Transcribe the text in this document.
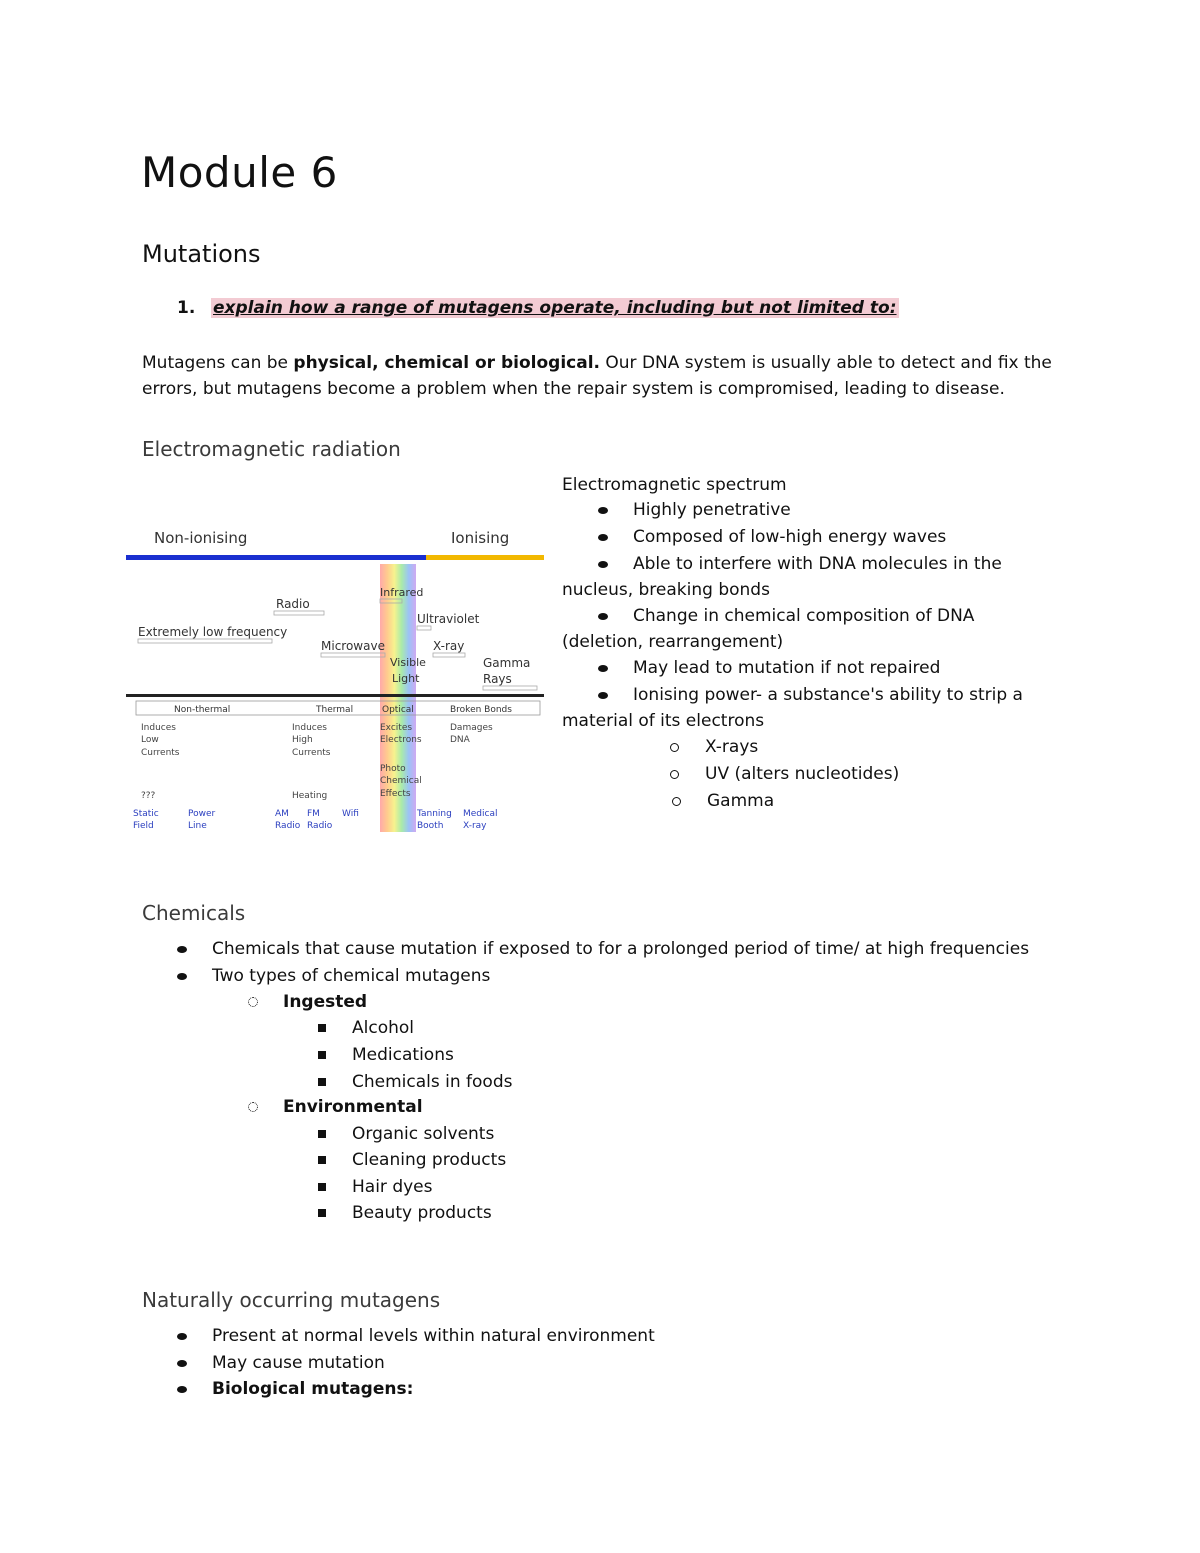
Module 6
Mutations
1. explain how a range of mutagens operate, including but not limited to:
Mutagens can be physical, chemical or biological. Our DNA system is usually able to detect and fix the
errors, but mutagens become a problem when the repair system is compromised, leading to disease.
Electromagnetic radiation
Non-ionising	Ionising
Radio
Extremely low frequency
Microwave
Infrared
Visible
Light
Ultraviolet
X-ray
Gamma
Rays
Non-thermal	Thermal	Optical	Broken Bonds
Induces
Low
Currents
Induces
High
Currents
Excites
Electrons
Damages
DNA
Photo
Chemical
Effects
???	Heating
Static
Field
Power
Line
AM
Radio
FM
Radio
Wifi	Tanning
Booth
Medical
X-ray
Electromagnetic spectrum
Highly penetrative
Composed of low-high energy waves
Able to interfere with DNA molecules in the
nucleus, breaking bonds
Change in chemical composition of DNA
(deletion, rearrangement)
May lead to mutation if not repaired
Ionising power- a substance's ability to strip a
material of its electrons
X-rays
UV (alters nucleotides)
Gamma
Chemicals
Chemicals that cause mutation if exposed to for a prolonged period of time/ at high frequencies
Two types of chemical mutagens
Ingested
Alcohol
Medications
Chemicals in foods
Environmental
Organic solvents
Cleaning products
Hair dyes
Beauty products
Naturally occurring mutagens
Present at normal levels within natural environment
May cause mutation
Biological mutagens:
